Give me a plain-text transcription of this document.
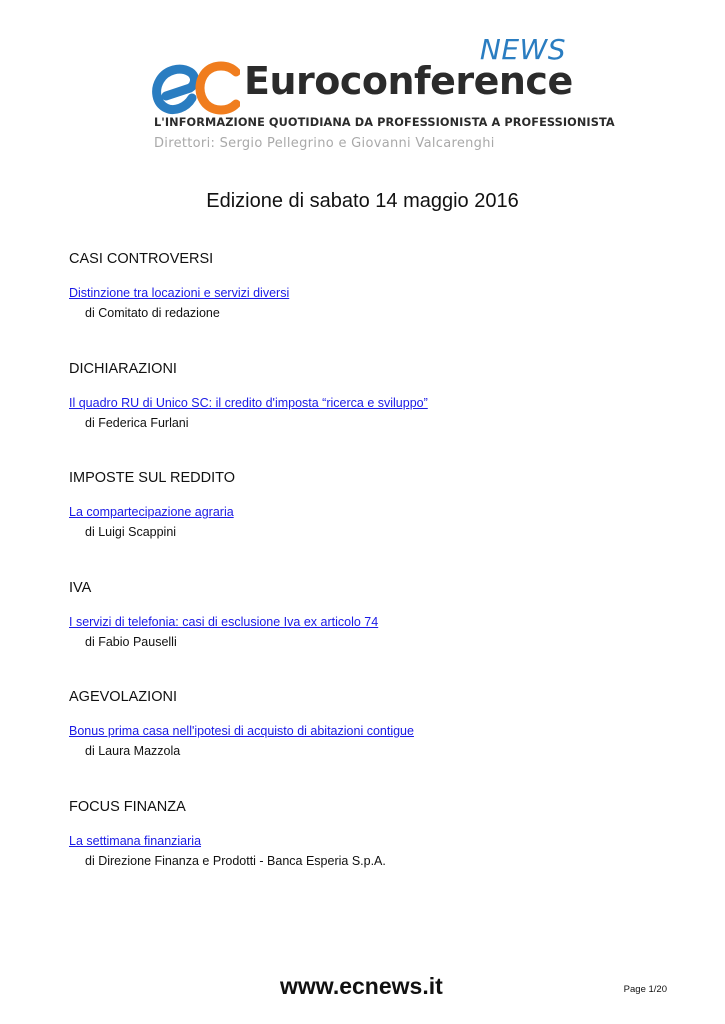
NEWS
Euroconference
L'INFORMAZIONE QUOTIDIANA DA PROFESSIONISTA A PROFESSIONISTA
Direttori: Sergio Pellegrino e Giovanni Valcarenghi
Edizione di sabato 14 maggio 2016
CASI CONTROVERSI
Distinzione tra locazioni e servizi diversi
di Comitato di redazione
DICHIARAZIONI
Il quadro RU di Unico SC: il credito d'imposta “ricerca e sviluppo”
di Federica Furlani
IMPOSTE SUL REDDITO
La compartecipazione agraria
di Luigi Scappini
IVA
I servizi di telefonia: casi di esclusione Iva ex articolo 74
di Fabio Pauselli
AGEVOLAZIONI
Bonus prima casa nell'ipotesi di acquisto di abitazioni contigue
di Laura Mazzola
FOCUS FINANZA
La settimana finanziaria
di Direzione Finanza e Prodotti - Banca Esperia S.p.A.
www.ecnews.it	Page 1/20
